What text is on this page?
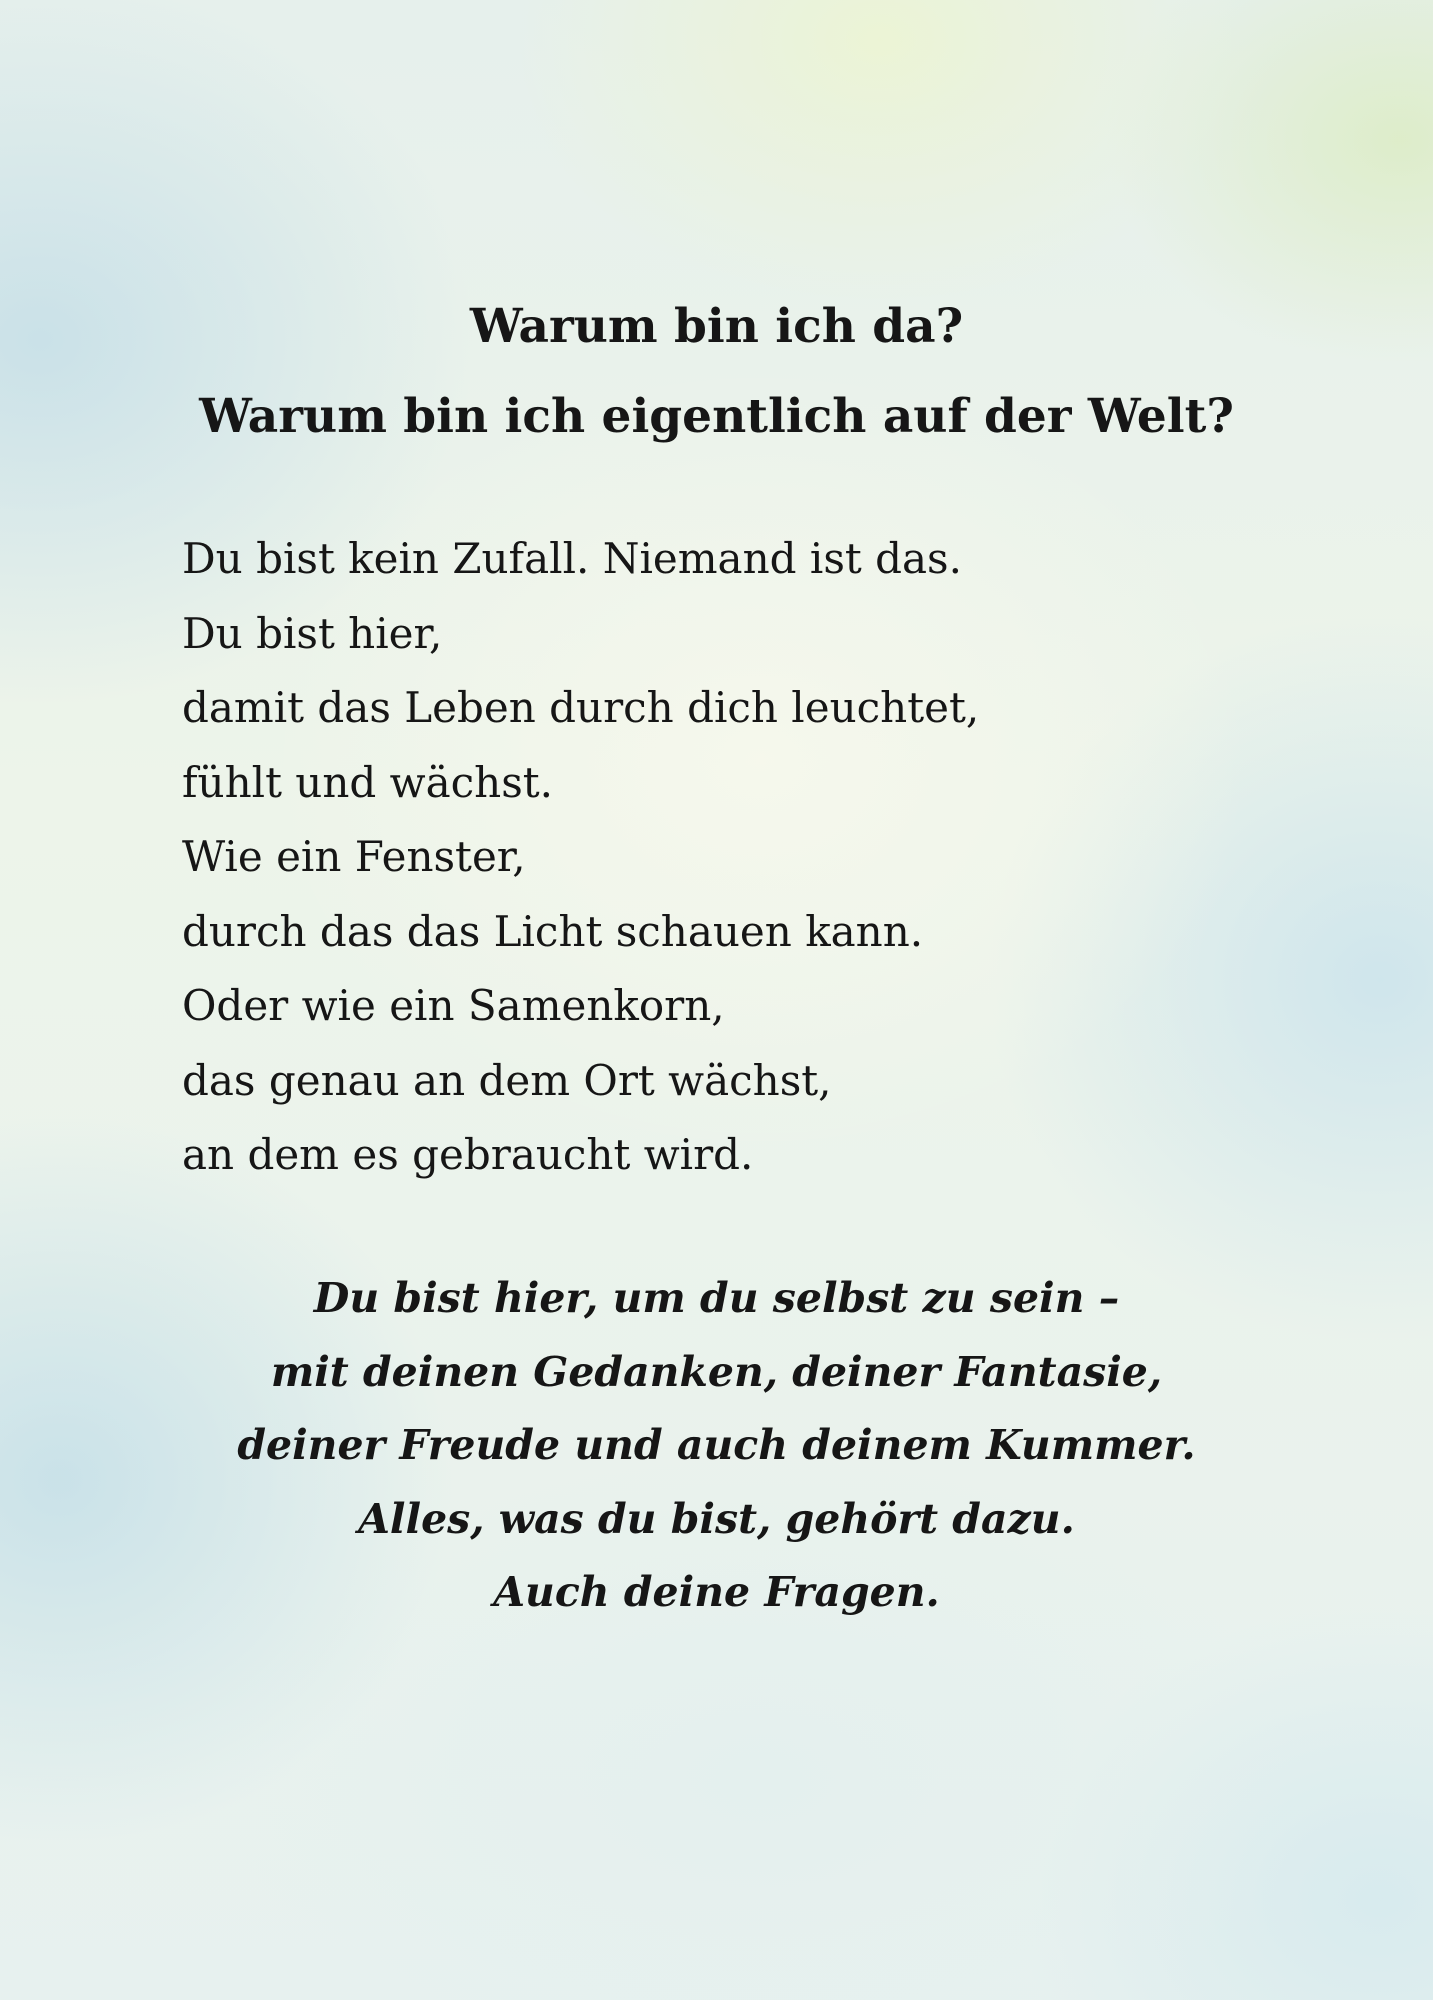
Warum bin ich da?
Warum bin ich eigentlich auf der Welt?
Du bist kein Zufall. Niemand ist das.
Du bist hier,
damit das Leben durch dich leuchtet,
fühlt und wächst.
Wie ein Fenster,
durch das das Licht schauen kann.
Oder wie ein Samenkorn,
das genau an dem Ort wächst,
an dem es gebraucht wird.
Du bist hier, um du selbst zu sein –
mit deinen Gedanken, deiner Fantasie,
deiner Freude und auch deinem Kummer.
Alles, was du bist, gehört dazu.
Auch deine Fragen.
